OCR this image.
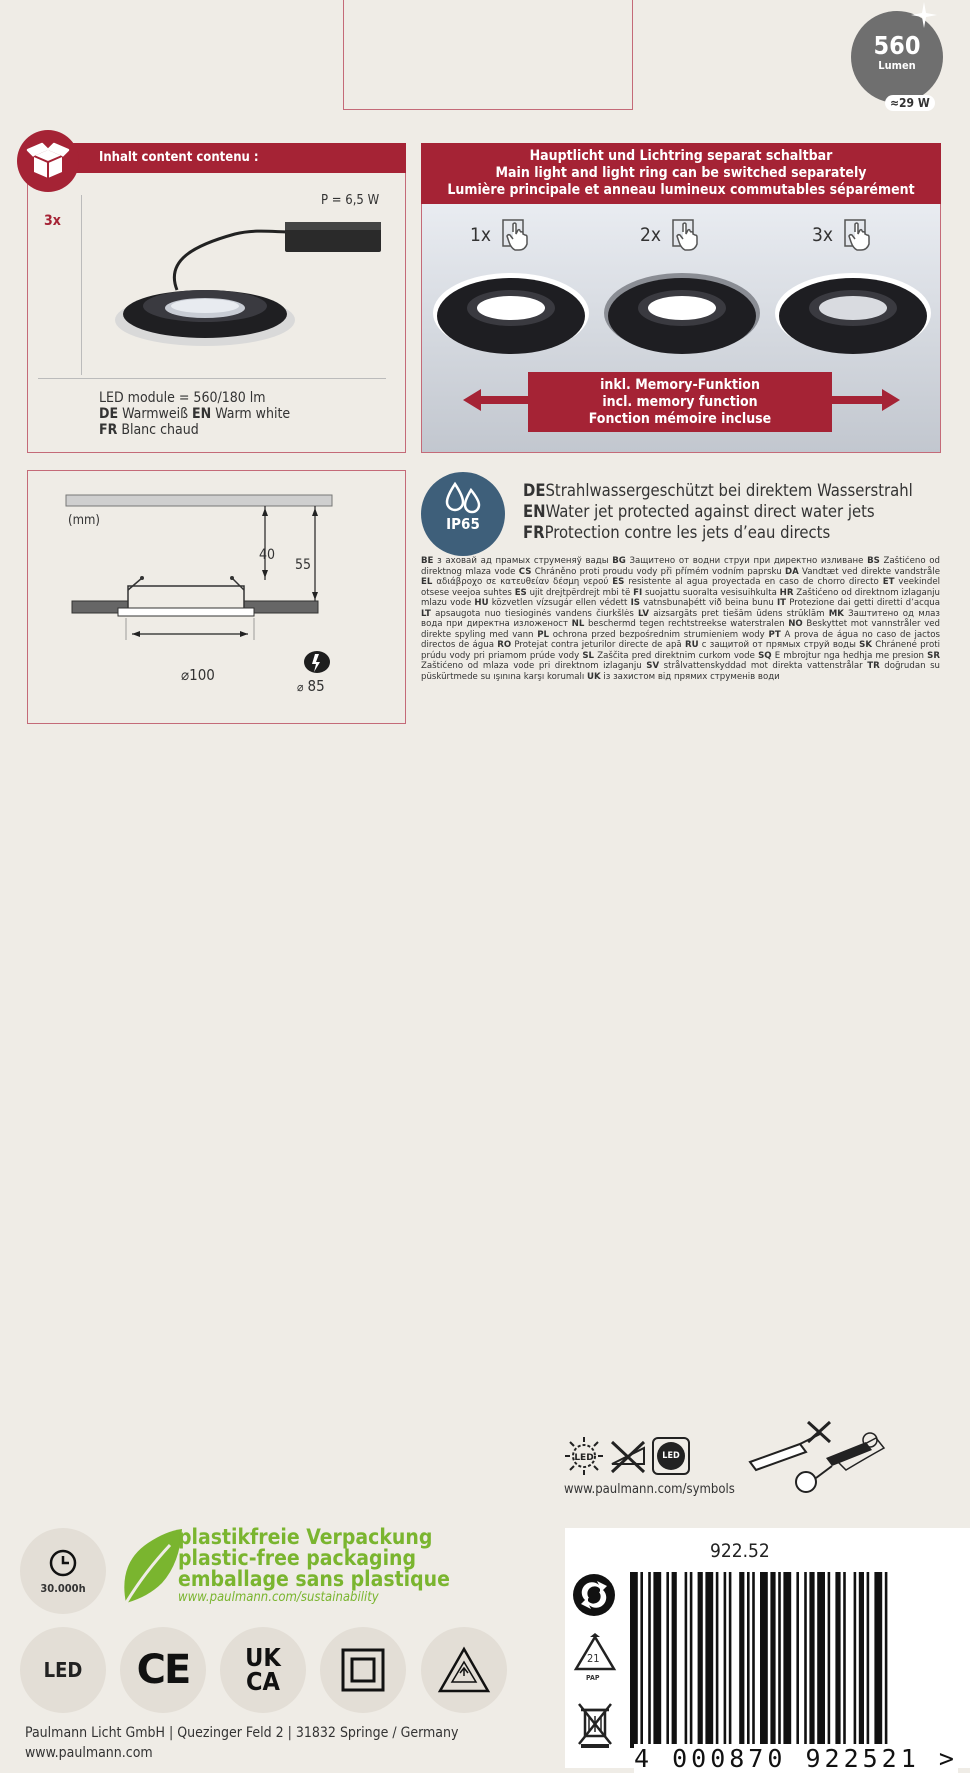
560
Lumen
≈29 W
Inhalt content contenu :
3x
P = 6,5 W
LED module = 560/180 lm
DE Warmweiß EN Warm white
FR Blanc chaud
Hauptlicht und Lichtring separat schaltbar
Main light and light ring can be switched separately
Lumière principale et anneau lumineux commutables séparément
1x	2x	3x
inkl. Memory-Funktion
incl. memory function
Fonction mémoire incluse
(mm)
40
55
⌀100
⌀ 85
IP65
DEStrahlwassergeschützt bei direktem Wasserstrahl
ENWater jet protected against direct water jets
FRProtection contre les jets d’eau directs
BE з аховай ад прамых струменяў вады BG Защитено от водни струи при директно изливане BS Zaštićeno od direktnog mlaza vode CS Chráněno proti proudu vody při přímém vodním paprsku DA Vandtæt ved direkte vandstråle EL αδιάβροχο σε κατευθείαν δέσμη νερού ES resistente al agua proyectada en caso de chorro directo ET veekindel otsese veejoa suhtes ES ujit drejtpërdrejt mbi të FI suojattu suoralta vesisuihkulta HR Zaštićeno od direktnom izlaganju mlazu vode HU közvetlen vízsugár ellen védett IS vatnsbunaþétt við beina bunu IT Protezione dai getti diretti d’acqua LT apsaugota nuo tiesioginės vandens čiurkšlės LV aizsargāts pret tiešām ūdens strūklām MK Заштитено од млаз вода при директна изложеност NL beschermd tegen rechtstreekse waterstralen NO Beskyttet mot vannstråler ved direkte spyling med vann PL ochrona przed bezpośrednim strumieniem wody PT A prova de água no caso de jactos directos de água RO Protejat contra jeturilor directe de apă RU с защитой от прямых струй воды SK Chránené proti prúdu vody pri priamom prúde vody SL Zaščita pred direktnim curkom vode SQ E mbrojtur nga hedhja me presion SR Zaštićeno od mlaza vode pri direktnom izlaganju SV strålvattenskyddad mot direkta vattenstrålar TR doğrudan su püskürtmede su ışınına karşı korumalı UK із захистом від прямих струменів води
LED	LED
www.paulmann.com/symbols
30.000h
plastikfreie Verpackung
plastic-free packaging
emballage sans plastique
www.paulmann.com/sustainability
LED CE UK
CA
Paulmann Licht GmbH | Quezinger Feld 2 | 31832 Springe / Germany
www.paulmann.com
922.52
21
PAP
4 000870 922521 >
